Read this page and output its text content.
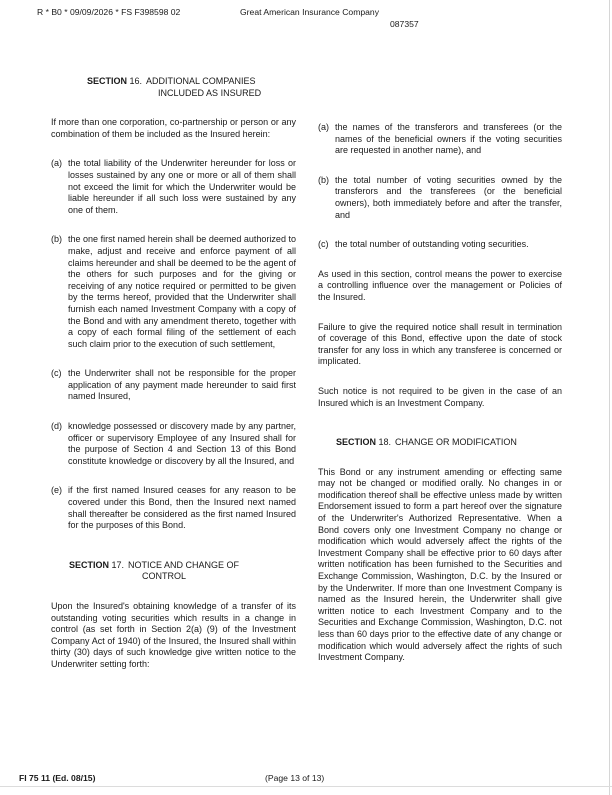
R * B0 * 09/09/2026 * FS F398598 02	Great American Insurance Company
087357
SECTION 16. ADDITIONAL COMPANIES
INCLUDED AS INSURED
If more than one corporation, co-partnership or person or any combination of them be included as the Insured herein:
(a) the total liability of the Underwriter hereunder for loss or losses sustained by any one or more or all of them shall not exceed the limit for which the Underwriter would be liable hereunder if all such loss were sustained by any one of them.
(b) the one first named herein shall be deemed authorized to make, adjust and receive and enforce payment of all claims hereunder and shall be deemed to be the agent of the others for such purposes and for the giving or receiving of any notice required or permitted to be given by the terms hereof, provided that the Underwriter shall furnish each named Investment Company with a copy of the Bond and with any amendment thereto, together with a copy of each formal filing of the settlement of each such claim prior to the execution of such settlement,
(c) the Underwriter shall not be responsible for the proper application of any payment made hereunder to said first named Insured,
(d) knowledge possessed or discovery made by any partner, officer or supervisory Employee of any Insured shall for the purpose of Section 4 and Section 13 of this Bond constitute knowledge or discovery by all the Insured, and
(e) if the first named Insured ceases for any reason to be covered under this Bond, then the Insured next named shall thereafter be considered as the first named Insured for the purposes of this Bond.
SECTION 17. NOTICE AND CHANGE OF
CONTROL
Upon the Insured's obtaining knowledge of a transfer of its outstanding voting securities which results in a change in control (as set forth in Section 2(a) (9) of the Investment Company Act of 1940) of the Insured, the Insured shall within thirty (30) days of such knowledge give written notice to the Underwriter setting forth:
(a) the names of the transferors and transferees (or the names of the beneficial owners if the voting securities are requested in another name), and
(b) the total number of voting securities owned by the transferors and the transferees (or the beneficial owners), both immediately before and after the transfer, and
(c) the total number of outstanding voting securities.
As used in this section, control means the power to exercise a controlling influence over the management or Policies of the Insured.
Failure to give the required notice shall result in termination of coverage of this Bond, effective upon the date of stock transfer for any loss in which any transferee is concerned or implicated.
Such notice is not required to be given in the case of an Insured which is an Investment Company.
SECTION 18. CHANGE OR MODIFICATION
This Bond or any instrument amending or effecting same may not be changed or modified orally. No changes in or modification thereof shall be effective unless made by written Endorsement issued to form a part hereof over the signature of the Underwriter's Authorized Representative. When a Bond covers only one Investment Company no change or modification which would adversely affect the rights of the Investment Company shall be effective prior to 60 days after written notification has been furnished to the Securities and Exchange Commission, Washington, D.C. by the Insured or by the Underwriter. If more than one Investment Company is named as the Insured herein, the Underwriter shall give written notice to each Investment Company and to the Securities and Exchange Commission, Washington, D.C. not less than 60 days prior to the effective date of any change or modification which would adversely affect the rights of such Investment Company.
FI 75 11 (Ed. 08/15)	(Page 13 of 13)
